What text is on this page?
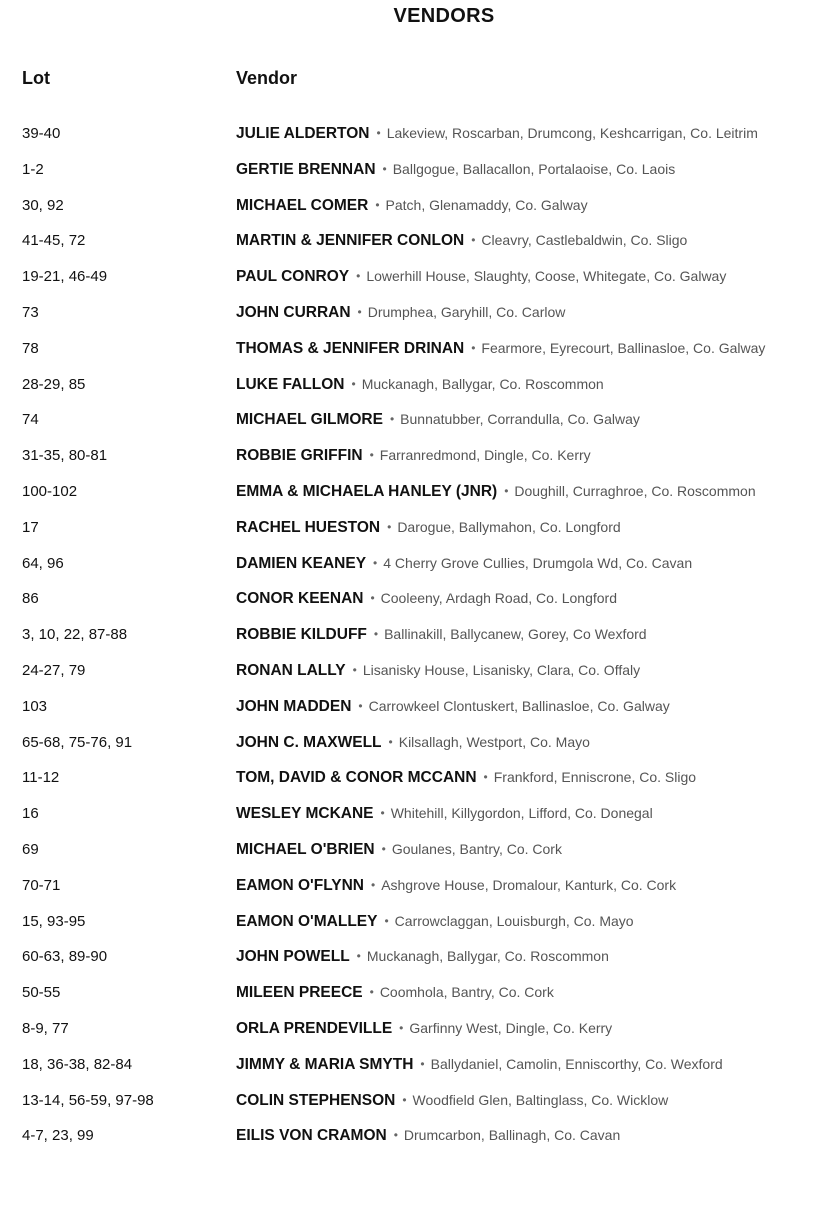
VENDORS
Lot	Vendor
39-40	JULIE ALDERTON • Lakeview, Roscarban, Drumcong, Keshcarrigan, Co. Leitrim
1-2	GERTIE BRENNAN • Ballgogue, Ballacallon, Portalaoise, Co. Laois
30, 92	MICHAEL COMER • Patch, Glenamaddy, Co. Galway
41-45, 72	MARTIN & JENNIFER CONLON • Cleavry, Castlebaldwin, Co. Sligo
19-21, 46-49	PAUL CONROY • Lowerhill House, Slaughty, Coose, Whitegate, Co. Galway
73	JOHN CURRAN • Drumphea, Garyhill, Co. Carlow
78	THOMAS & JENNIFER DRINAN • Fearmore, Eyrecourt, Ballinasloe, Co. Galway
28-29, 85	LUKE FALLON • Muckanagh, Ballygar, Co. Roscommon
74	MICHAEL GILMORE • Bunnatubber, Corrandulla, Co. Galway
31-35, 80-81	ROBBIE GRIFFIN • Farranredmond, Dingle, Co. Kerry
100-102	EMMA & MICHAELA HANLEY (JNR) • Doughill, Curraghroe, Co. Roscommon
17	RACHEL HUESTON • Darogue, Ballymahon, Co. Longford
64, 96	DAMIEN KEANEY • 4 Cherry Grove Cullies, Drumgola Wd, Co. Cavan
86	CONOR KEENAN • Cooleeny, Ardagh Road, Co. Longford
3, 10, 22, 87-88	ROBBIE KILDUFF • Ballinakill, Ballycanew, Gorey, Co Wexford
24-27, 79	RONAN LALLY • Lisanisky House, Lisanisky, Clara, Co. Offaly
103	JOHN MADDEN • Carrowkeel Clontuskert, Ballinasloe, Co. Galway
65-68, 75-76, 91	JOHN C. MAXWELL • Kilsallagh, Westport, Co. Mayo
11-12	TOM, DAVID & CONOR MCCANN • Frankford, Enniscrone, Co. Sligo
16	WESLEY MCKANE • Whitehill, Killygordon, Lifford, Co. Donegal
69	MICHAEL O'BRIEN • Goulanes, Bantry, Co. Cork
70-71	EAMON O'FLYNN • Ashgrove House, Dromalour, Kanturk, Co. Cork
15, 93-95	EAMON O'MALLEY • Carrowclaggan, Louisburgh, Co. Mayo
60-63, 89-90	JOHN POWELL • Muckanagh, Ballygar, Co. Roscommon
50-55	MILEEN PREECE • Coomhola, Bantry, Co. Cork
8-9, 77	ORLA PRENDEVILLE • Garfinny West, Dingle, Co. Kerry
18, 36-38, 82-84	JIMMY & MARIA SMYTH • Ballydaniel, Camolin, Enniscorthy, Co. Wexford
13-14, 56-59, 97-98	COLIN STEPHENSON • Woodfield Glen, Baltinglass, Co. Wicklow
4-7, 23, 99	EILIS VON CRAMON • Drumcarbon, Ballinagh, Co. Cavan
